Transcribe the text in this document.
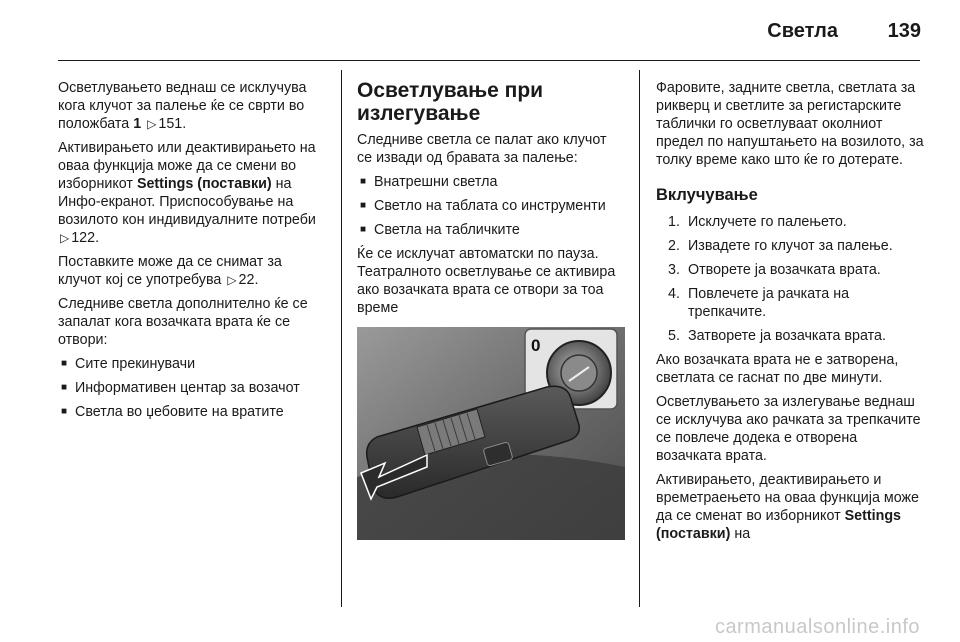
Светла 139

Осветлувањето веднаш се исклучува кога клучот за палење ќе се сврти во положбата 1 ▷ 151.

Активирањето или деактивирањето на оваа функција може да се смени во изборникот Settings (поставки) на Инфо-екранот. Приспособување на возилото кон индивидуалните потреби ▷ 122.

Поставките може да се снимат за клучот кој се употребува ▷ 22.

Следниве светла дополнително ќе се запалат кога возачката врата ќе се отвори:

■ Сите прекинувачи
■ Информативен центар за возачот
■ Светла во џебовите на вратите
Осветлување при излегување

Следниве светла се палат ако клучот се извади од бравата за палење:

■ Внатрешни светла
■ Светло на таблата со инструменти
■ Светла на табличките

Ќе се исклучат автоматски по пауза. Театралното осветлување се активира ако возачката врата се отвори за тоа време

0

Фаровите, задните светла, светлата за рикверц и светлите за регистарските таблички го осветлуваат околниот предел по напуштањето на возилото, за толку време како што ќе го дотерате.

Вклучување
1. Исклучете го палењето.
2. Извадете го клучот за палење.
3. Отворете ја возачката врата.
4. Повлечете ја рачката на трепкачите.
5. Затворете ја возачката врата.

Ако возачката врата не е затворена, светлата се гаснат по две минути.

Осветлувањето за излегување веднаш се исклучува ако рачката за трепкачите се повлече додека е отворена возачката врата.

Активирањето, деактивирањето и времетраењето на оваа функција може да се сменат во изборникот Settings (поставки) на

carmanualsonline.info
